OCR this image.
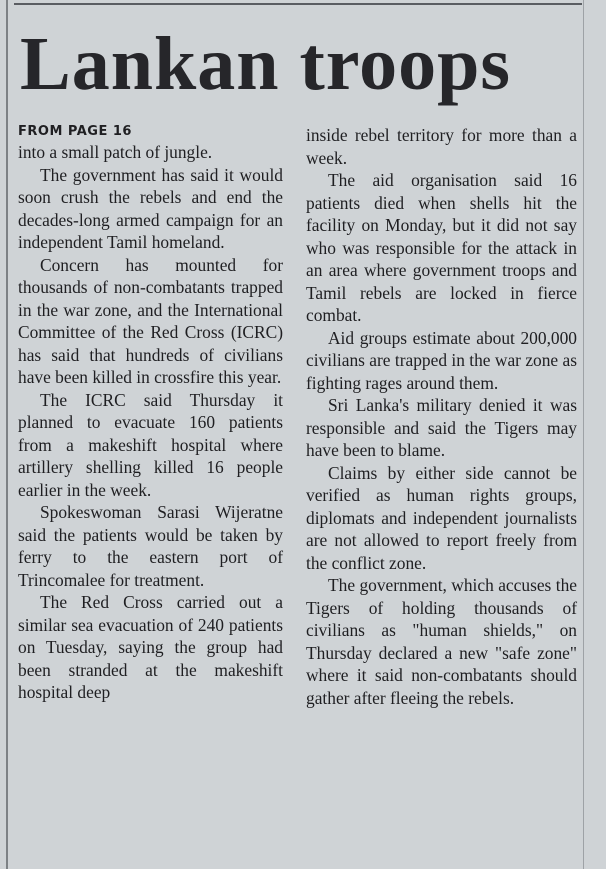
Lankan troops
FROM PAGE 16

into a small patch of jungle.

The government has said it would soon crush the rebels and end the decades-long armed campaign for an independent Tamil homeland.

Concern has mounted for thousands of non-combatants trapped in the war zone, and the International Committee of the Red Cross (ICRC) has said that hundreds of civilians have been killed in crossfire this year.

The ICRC said Thursday it planned to evacuate 160 patients from a makeshift hospital where artillery shelling killed 16 people earlier in the week.

Spokeswoman Sarasi Wijeratne said the patients would be taken by ferry to the eastern port of Trincomalee for treatment.

The Red Cross carried out a similar sea evacuation of 240 patients on Tuesday, saying the group had been stranded at the makeshift hospital deep

inside rebel territory for more than a week.

The aid organisation said 16 patients died when shells hit the facility on Monday, but it did not say who was responsible for the attack in an area where government troops and Tamil rebels are locked in fierce combat.

Aid groups estimate about 200,000 civilians are trapped in the war zone as fighting rages around them.

Sri Lanka's military denied it was responsible and said the Tigers may have been to blame.

Claims by either side cannot be verified as human rights groups, diplomats and independent journalists are not allowed to report freely from the conflict zone.

The government, which accuses the Tigers of holding thousands of civilians as "human shields," on Thursday declared a new "safe zone" where it said non-combatants should gather after fleeing the rebels.
